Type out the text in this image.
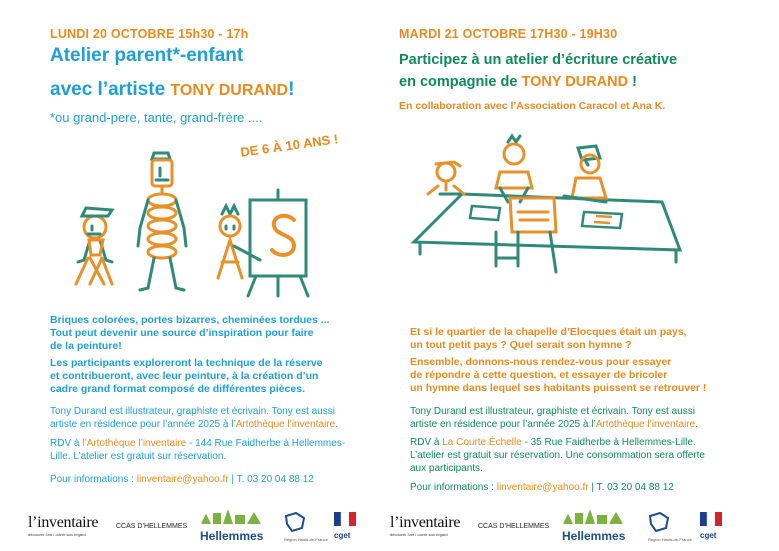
LUNDI 20 OCTOBRE 15h30 - 17h
Atelier parent*-enfant
avec l’artiste TONY DURAND!
*ou grand-pere, tante, grand-frère ....
DE 6 À 10 ANS !
Briques colorées, portes bizarres, cheminées tordues ...
Tout peut devenir une source d’inspiration pour faire
de la peinture!
Les participants exploreront la technique de la réserve
et contribueront, avec leur peinture, à la création d’un
cadre grand format composé de différentes pièces.
Tony Durand est illustrateur, graphiste et écrivain. Tony est aussi
artiste en résidence pour l’année 2025 à l’Artothèque l’inventaire.
RDV à l’Artothèque l’inventaire - 144 Rue Faidherbe à Hellemmes-
Lille. L’atelier est gratuit sur réservation.
Pour informations : linventaire@yahoo.fr | T. 03 20 04 88 12
MARDI 21 OCTOBRE 17H30 - 19H30
Participez à un atelier d’écriture créative
en compagnie de TONY DURAND !
En collaboration avec l’Association Caracol et Ana K.
Et si le quartier de la chapelle d’Elocques était un pays,
un tout petit pays ? Quel serait son hymne ?
Ensemble, donnons-nous rendez-vous pour essayer
de répondre à cette question, et essayer de bricoler
un hymne dans lequel ses habitants puissent se retrouver !
Tony Durand est illustrateur, graphiste et écrivain. Tony est aussi
artiste en résidence pour l’année 2025 à l’Artothèque l’inventaire.
RDV à La Courte Échelle - 35 Rue Faidherbe à Hellemmes-Lille.
L’atelier est gratuit sur réservation. Une consommation sera offerte
aux participants.
Pour informations : linventaire@yahoo.fr | T. 03 20 04 88 12
l’inventaire
découvrir l’art / ouvrir son regard
CCAS D’HELLEMMES
Hellemmes	Région Hauts-de-France cget
l’inventaire
découvrir l’art / ouvrir son regard
CCAS D’HELLEMMES
Hellemmes	Région Hauts-de-France cget
